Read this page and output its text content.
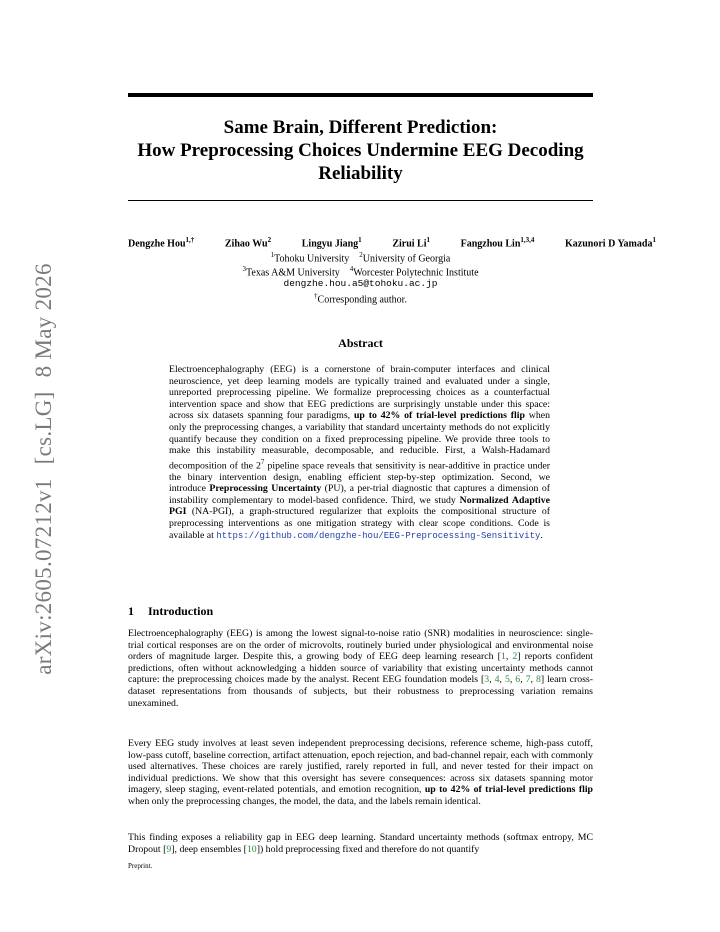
arXiv:2605.07212v1[cs.LG]8 May 2026
Same Brain, Different Prediction:
How Preprocessing Choices Undermine EEG Decoding
Reliability
Dengzhe Hou$^{1,\dagger}$	Zihao Wu$^2$	Lingyu Jiang$^1$	Zirui Li$^1$	Fangzhou Lin$^{1,3,4}$	Kazunori D Yamada$^1$
$^1$Tohoku University $^2$University of Georgia
$^3$Texas A&M University $^4$Worcester Polytechnic Institute
dengzhe.hou.a5@tohoku.ac.jp
†Corresponding author.
Abstract
Electroencephalography (EEG) is a cornerstone of brain-computer interfaces and clinical neuroscience, yet deep learning models are typically trained and evaluated under a single, unreported preprocessing pipeline. We formalize preprocessing choices as a counterfactual intervention space and show that EEG predictions are surprisingly unstable under this space: across six datasets spanning four paradigms, up to 42% of trial-level predictions flip when only the preprocessing changes, a variability that standard uncertainty methods do not explicitly quantify because they condition on a fixed preprocessing pipeline. We provide three tools to make this instability measurable, decomposable, and reducible. First, a Walsh-Hadamard decomposition of the $2^7$ pipeline space reveals that sensitivity is near-additive in practice under the binary intervention design, enabling efficient step-by-step optimization. Second, we introduce Preprocessing Uncertainty (PU), a per-trial diagnostic that captures a dimension of instability complementary to model-based confidence. Third, we study Normalized Adaptive PGI (NA-PGI), a graph-structured regularizer that exploits the compositional structure of preprocessing interventions as one mitigation strategy with clear scope conditions. Code is available at https://github.com/dengzhe-hou/EEG-Preprocessing-Sensitivity.
1 Introduction
Electroencephalography (EEG) is among the lowest signal-to-noise ratio (SNR) modalities in neuroscience: single-trial cortical responses are on the order of microvolts, routinely buried under physiological and environmental noise orders of magnitude larger. Despite this, a growing body of EEG deep learning research [1, 2] reports confident predictions, often without acknowledging a hidden source of variability that existing uncertainty methods cannot capture: the preprocessing choices made by the analyst. Recent EEG foundation models [3, 4, 5, 6, 7, 8] learn cross-dataset representations from thousands of subjects, but their robustness to preprocessing variation remains unexamined.
Every EEG study involves at least seven independent preprocessing decisions, reference scheme, high-pass cutoff, low-pass cutoff, baseline correction, artifact attenuation, epoch rejection, and bad-channel repair, each with commonly used alternatives. These choices are rarely justified, rarely reported in full, and never tested for their impact on individual predictions. We show that this oversight has severe consequences: across six datasets spanning motor imagery, sleep staging, event-related potentials, and emotion recognition, up to 42% of trial-level predictions flip when only the preprocessing changes, the model, the data, and the labels remain identical.
This finding exposes a reliability gap in EEG deep learning. Standard uncertainty methods (softmax entropy, MC Dropout [9], deep ensembles [10]) hold preprocessing fixed and therefore do not quantify
Preprint.
